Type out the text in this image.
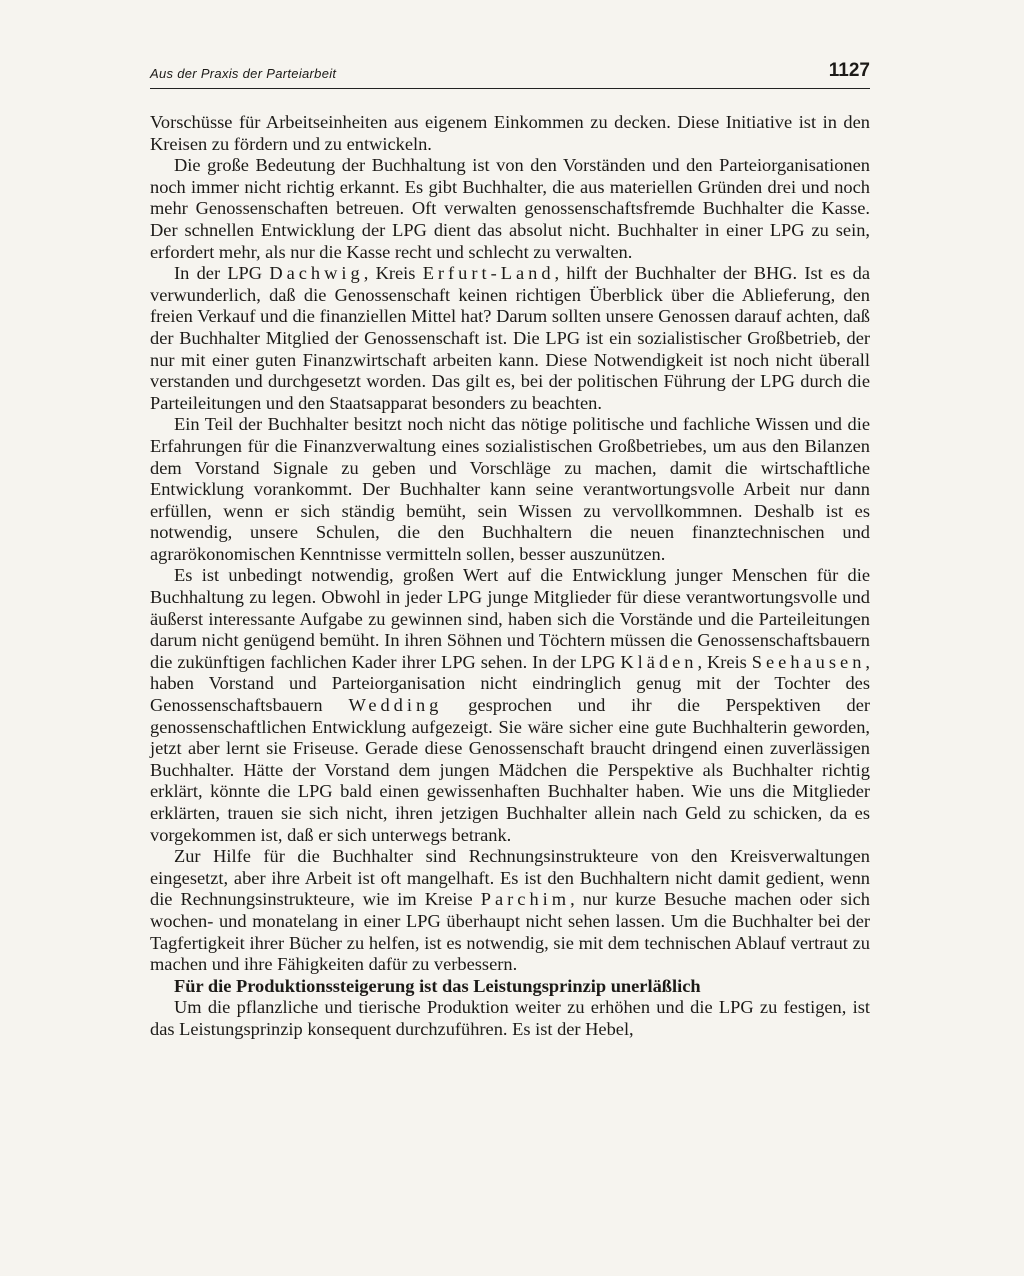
Aus der Praxis der Parteiarbeit	1127

Vorschüsse für Arbeitseinheiten aus eigenem Einkommen zu decken. Diese Initiative ist in den Kreisen zu fördern und zu entwickeln.

Die große Bedeutung der Buchhaltung ist von den Vorständen und den Parteiorganisationen noch immer nicht richtig erkannt. Es gibt Buchhalter, die aus materiellen Gründen drei und noch mehr Genossenschaften betreuen. Oft verwalten genossenschaftsfremde Buchhalter die Kasse. Der schnellen Entwicklung der LPG dient das absolut nicht. Buchhalter in einer LPG zu sein, erfordert mehr, als nur die Kasse recht und schlecht zu verwalten.

In der LPG Dachwig, Kreis Erfurt-Land, hilft der Buchhalter der BHG. Ist es da verwunderlich, daß die Genossenschaft keinen richtigen Überblick über die Ablieferung, den freien Verkauf und die finanziellen Mittel hat? Darum sollten unsere Genossen darauf achten, daß der Buchhalter Mitglied der Genossenschaft ist. Die LPG ist ein sozialistischer Großbetrieb, der nur mit einer guten Finanzwirtschaft arbeiten kann. Diese Notwendigkeit ist noch nicht überall verstanden und durchgesetzt worden. Das gilt es, bei der politischen Führung der LPG durch die Parteileitungen und den Staatsapparat besonders zu beachten.

Ein Teil der Buchhalter besitzt noch nicht das nötige politische und fachliche Wissen und die Erfahrungen für die Finanzverwaltung eines sozialistischen Großbetriebes, um aus den Bilanzen dem Vorstand Signale zu geben und Vorschläge zu machen, damit die wirtschaftliche Entwicklung vorankommt. Der Buchhalter kann seine verantwortungsvolle Arbeit nur dann erfüllen, wenn er sich ständig bemüht, sein Wissen zu vervollkommnen. Deshalb ist es notwendig, unsere Schulen, die den Buchhaltern die neuen finanztechnischen und agrarökonomischen Kenntnisse vermitteln sollen, besser auszunützen.

Es ist unbedingt notwendig, großen Wert auf die Entwicklung junger Menschen für die Buchhaltung zu legen. Obwohl in jeder LPG junge Mitglieder für diese verantwortungsvolle und äußerst interessante Aufgabe zu gewinnen sind, haben sich die Vorstände und die Parteileitungen darum nicht genügend bemüht. In ihren Söhnen und Töchtern müssen die Genossenschaftsbauern die zukünftigen fachlichen Kader ihrer LPG sehen. In der LPG Kläden, Kreis Seehausen, haben Vorstand und Parteiorganisation nicht eindringlich genug mit der Tochter des Genossenschaftsbauern Wedding gesprochen und ihr die Perspektiven der genossenschaftlichen Entwicklung aufgezeigt. Sie wäre sicher eine gute Buchhalterin geworden, jetzt aber lernt sie Friseuse. Gerade diese Genossenschaft braucht dringend einen zuverlässigen Buchhalter. Hätte der Vorstand dem jungen Mädchen die Perspektive als Buchhalter richtig erklärt, könnte die LPG bald einen gewissenhaften Buchhalter haben. Wie uns die Mitglieder erklärten, trauen sie sich nicht, ihren jetzigen Buchhalter allein nach Geld zu schicken, da es vorgekommen ist, daß er sich unterwegs betrank.

Zur Hilfe für die Buchhalter sind Rechnungsinstrukteure von den Kreisverwaltungen eingesetzt, aber ihre Arbeit ist oft mangelhaft. Es ist den Buchhaltern nicht damit gedient, wenn die Rechnungsinstrukteure, wie im Kreise Parchim, nur kurze Besuche machen oder sich wochen- und monatelang in einer LPG überhaupt nicht sehen lassen. Um die Buchhalter bei der Tagfertigkeit ihrer Bücher zu helfen, ist es notwendig, sie mit dem technischen Ablauf vertraut zu machen und ihre Fähigkeiten dafür zu verbessern.

Für die Produktionssteigerung ist das Leistungsprinzip unerläßlich

Um die pflanzliche und tierische Produktion weiter zu erhöhen und die LPG zu festigen, ist das Leistungsprinzip konsequent durchzuführen. Es ist der Hebel,
